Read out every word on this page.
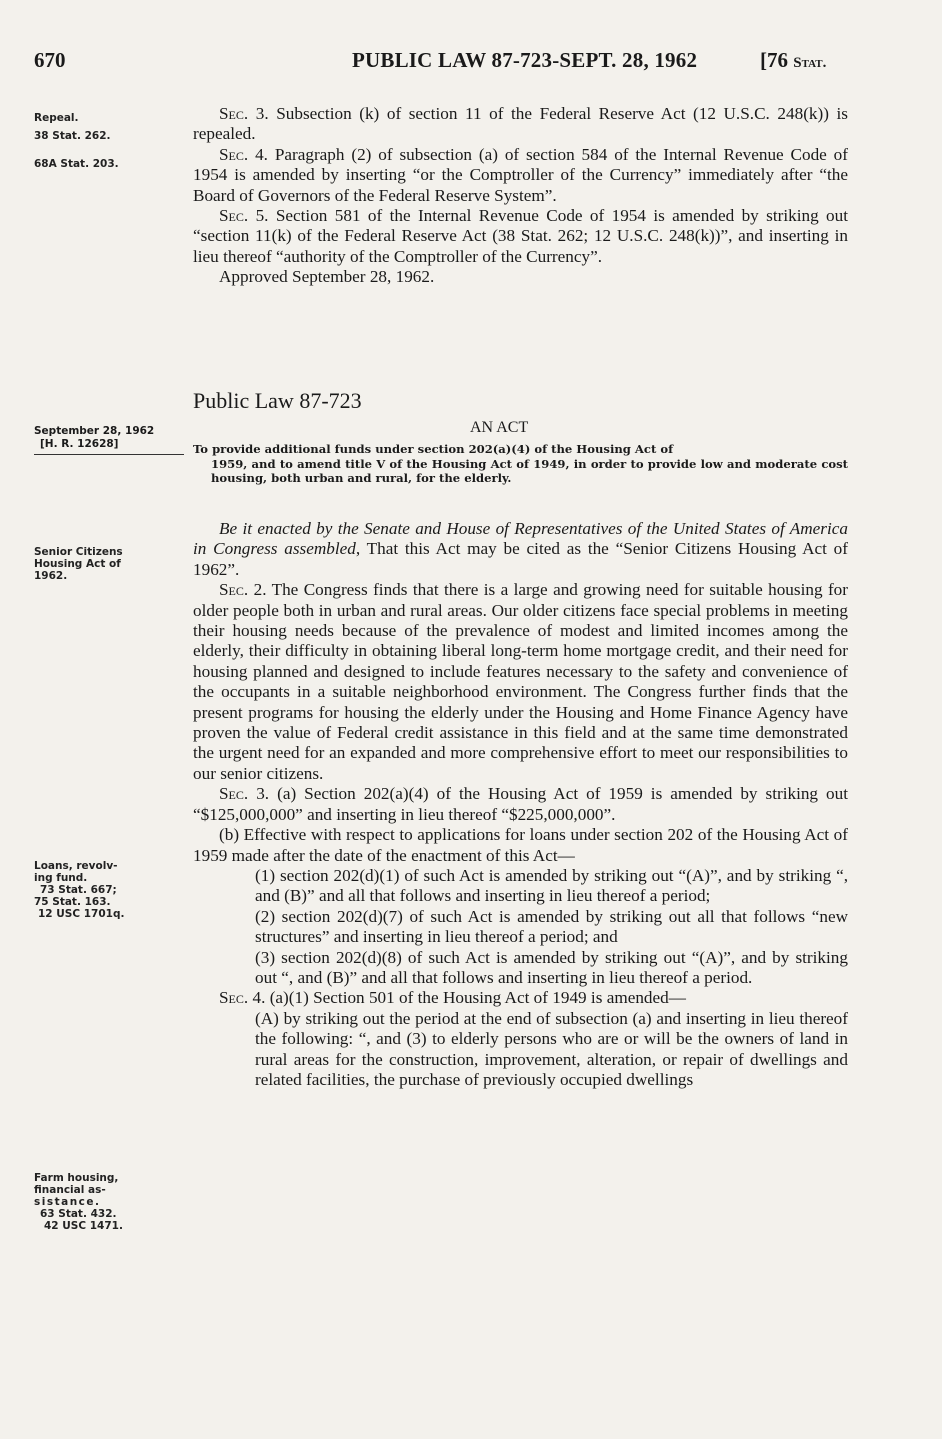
670	PUBLIC LAW 87-723-SEPT. 28, 1962	[76 Stat.
Repeal.
38 Stat. 262.
68A Stat. 203.
September 28, 1962
[H. R. 12628]
Senior Citizens
Housing Act of
1962.
Loans, revolv-
ing fund.
73 Stat. 667;
75 Stat. 163.
12 USC 1701q.
Farm housing,
financial as-
sistance.
63 Stat. 432.
42 USC 1471.

Sec. 3. Subsection (k) of section 11 of the Federal Reserve Act (12 U.S.C. 248(k)) is repealed.

Sec. 4. Paragraph (2) of subsection (a) of section 584 of the Internal Revenue Code of 1954 is amended by inserting “or the Comptroller of the Currency” immediately after “the Board of Governors of the Federal Reserve System”.

Sec. 5. Section 581 of the Internal Revenue Code of 1954 is amended by striking out “section 11(k) of the Federal Reserve Act (38 Stat. 262; 12 U.S.C. 248(k))”, and inserting in lieu thereof “authority of the Comptroller of the Currency”.

Approved September 28, 1962.

Public Law 87-723
AN ACT
To provide additional funds under section 202(a)(4) of the Housing Act of
1959, and to amend title V of the Housing Act of 1949, in order to provide low and moderate cost housing, both urban and rural, for the elderly.

Be it enacted by the Senate and House of Representatives of the United States of America in Congress assembled, That this Act may be cited as the “Senior Citizens Housing Act of 1962”.

Sec. 2. The Congress finds that there is a large and growing need for suitable housing for older people both in urban and rural areas. Our older citizens face special problems in meeting their housing needs because of the prevalence of modest and limited incomes among the elderly, their difficulty in obtaining liberal long-term home mortgage credit, and their need for housing planned and designed to include features necessary to the safety and convenience of the occupants in a suitable neighborhood environment. The Congress further finds that the present programs for housing the elderly under the Housing and Home Finance Agency have proven the value of Federal credit assistance in this field and at the same time demonstrated the urgent need for an expanded and more comprehensive effort to meet our responsibilities to our senior citizens.

Sec. 3. (a) Section 202(a)(4) of the Housing Act of 1959 is amended by striking out “$125,000,000” and inserting in lieu thereof “$225,000,000”.

(b) Effective with respect to applications for loans under section 202 of the Housing Act of 1959 made after the date of the enactment of this Act—

(1) section 202(d)(1) of such Act is amended by striking out “(A)”, and by striking “, and (B)” and all that follows and inserting in lieu thereof a period;

(2) section 202(d)(7) of such Act is amended by striking out all that follows “new structures” and inserting in lieu thereof a period; and

(3) section 202(d)(8) of such Act is amended by striking out “(A)”, and by striking out “, and (B)” and all that follows and inserting in lieu thereof a period.

Sec. 4. (a)(1) Section 501 of the Housing Act of 1949 is amended—

(A) by striking out the period at the end of subsection (a) and inserting in lieu thereof the following: “, and (3) to elderly persons who are or will be the owners of land in rural areas for the construction, improvement, alteration, or repair of dwellings and related facilities, the purchase of previously occupied dwellings
